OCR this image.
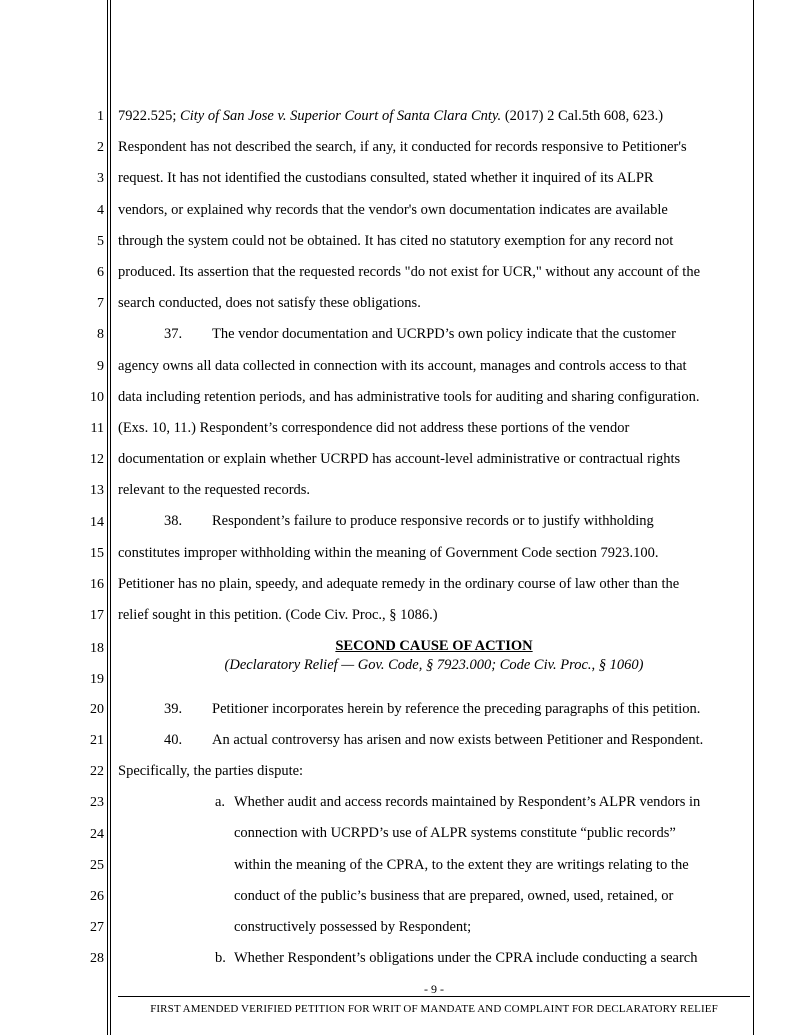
1
2
3
4
5
6
7
8
9
10
11
12
13
14
15
16
17
18
19
20
21
22
23
24
25
26
27
28
7922.525; City of San Jose v. Superior Court of Santa Clara Cnty. (2017) 2 Cal.5th 608, 623.)
Respondent has not described the search, if any, it conducted for records responsive to Petitioner's
request. It has not identified the custodians consulted, stated whether it inquired of its ALPR
vendors, or explained why records that the vendor's own documentation indicates are available
through the system could not be obtained. It has cited no statutory exemption for any record not
produced. Its assertion that the requested records "do not exist for UCR," without any account of the
search conducted, does not satisfy these obligations.
37. The vendor documentation and UCRPD’s own policy indicate that the customer
agency owns all data collected in connection with its account, manages and controls access to that
data including retention periods, and has administrative tools for auditing and sharing configuration.
(Exs. 10, 11.) Respondent’s correspondence did not address these portions of the vendor
documentation or explain whether UCRPD has account-level administrative or contractual rights
relevant to the requested records.
38. Respondent’s failure to produce responsive records or to justify withholding
constitutes improper withholding within the meaning of Government Code section 7923.100.
Petitioner has no plain, speedy, and adequate remedy in the ordinary course of law other than the
relief sought in this petition. (Code Civ. Proc., § 1086.)
SECOND CAUSE OF ACTION
(Declaratory Relief — Gov. Code, § 7923.000; Code Civ. Proc., § 1060)
39. Petitioner incorporates herein by reference the preceding paragraphs of this petition.
40. An actual controversy has arisen and now exists between Petitioner and Respondent.
Specifically, the parties dispute:
a. Whether audit and access records maintained by Respondent’s ALPR vendors in
connection with UCRPD’s use of ALPR systems constitute “public records”
within the meaning of the CPRA, to the extent they are writings relating to the
conduct of the public’s business that are prepared, owned, used, retained, or
constructively possessed by Respondent;
b. Whether Respondent’s obligations under the CPRA include conducting a search
- 9 -
FIRST AMENDED VERIFIED PETITION FOR WRIT OF MANDATE AND COMPLAINT FOR DECLARATORY RELIEF
